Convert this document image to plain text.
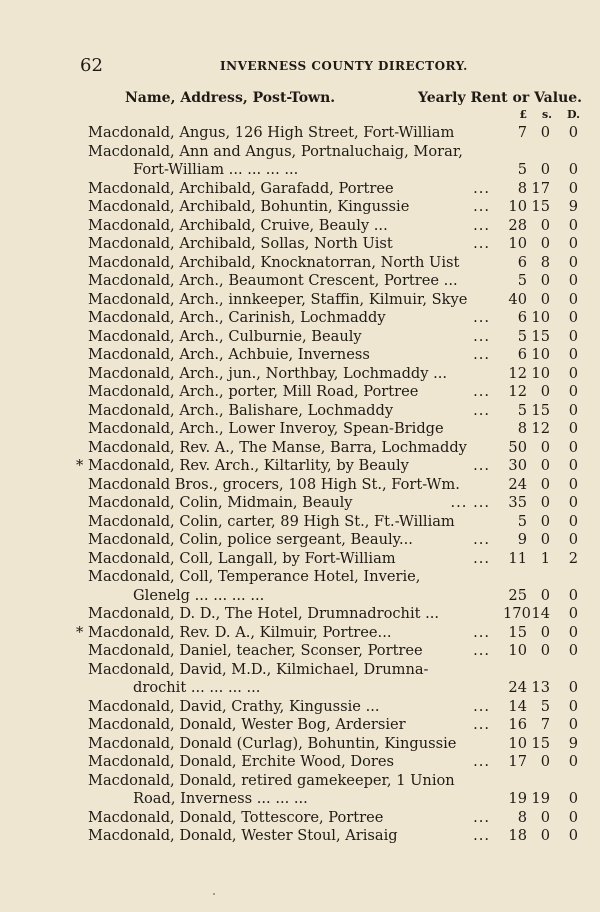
62	INVERNESS COUNTY DIRECTORY.
Name, Address, Post-Town.	Yearly Rent or Value.
£	s.	D.
Macdonald, Angus, 126 High Street, Fort-William	7 0	0
Macdonald, Ann and Angus, Portnaluchaig, Morar,
Fort-William ... ... ... ...	5 0	0
Macdonald, Archibald, Garafadd, Portree	...	8 17	0
Macdonald, Archibald, Bohuntin, Kingussie	...	10 15	9
Macdonald, Archibald, Cruive, Beauly ...	...	28 0	0
Macdonald, Archibald, Sollas, North Uist	...	10 0	0
Macdonald, Archibald, Knocknatorran, North Uist	6 8	0
Macdonald, Arch., Beaumont Crescent, Portree ...	5 0	0
Macdonald, Arch., innkeeper, Staffin, Kilmuir, Skye	40 0	0
Macdonald, Arch., Carinish, Lochmaddy	...	6 10	0
Macdonald, Arch., Culburnie, Beauly	...	5 15	0
Macdonald, Arch., Achbuie, Inverness	...	6 10	0
Macdonald, Arch., jun., Northbay, Lochmaddy ...	12 10	0
Macdonald, Arch., porter, Mill Road, Portree	...	12 0	0
Macdonald, Arch., Balishare, Lochmaddy	...	5 15	0
Macdonald, Arch., Lower Inveroy, Spean-Bridge	8 12	0
Macdonald, Rev. A., The Manse, Barra, Lochmaddy	50 0	0
* Macdonald, Rev. Arch., Kiltarlity, by Beauly	...	30 0	0
Macdonald Bros., grocers, 108 High St., Fort-Wm.	24 0	0
Macdonald, Colin, Midmain, Beauly	... ...	35 0	0
Macdonald, Colin, carter, 89 High St., Ft.-William	5 0	0
Macdonald, Colin, police sergeant, Beauly...	...	9 0	0
Macdonald, Coll, Langall, by Fort-William	...	11 1	2
Macdonald, Coll, Temperance Hotel, Inverie,
Glenelg ... ... ... ...	25 0	0
Macdonald, D. D., The Hotel, Drumnadrochit ...	170 14	0
* Macdonald, Rev. D. A., Kilmuir, Portree...	...	15 0	0
Macdonald, Daniel, teacher, Sconser, Portree	...	10 0	0
Macdonald, David, M.D., Kilmichael, Drumna-
drochit ... ... ... ...	24 13	0
Macdonald, David, Crathy, Kingussie ...	...	14 5	0
Macdonald, Donald, Wester Bog, Ardersier	...	16 7	0
Macdonald, Donald (Curlag), Bohuntin, Kingussie	10 15	9
Macdonald, Donald, Erchite Wood, Dores	...	17 0	0
Macdonald, Donald, retired gamekeeper, 1 Union
Road, Inverness ... ... ...	19 19	0
Macdonald, Donald, Tottescore, Portree	...	8 0	0
Macdonald, Donald, Wester Stoul, Arisaig	...	18 0	0
